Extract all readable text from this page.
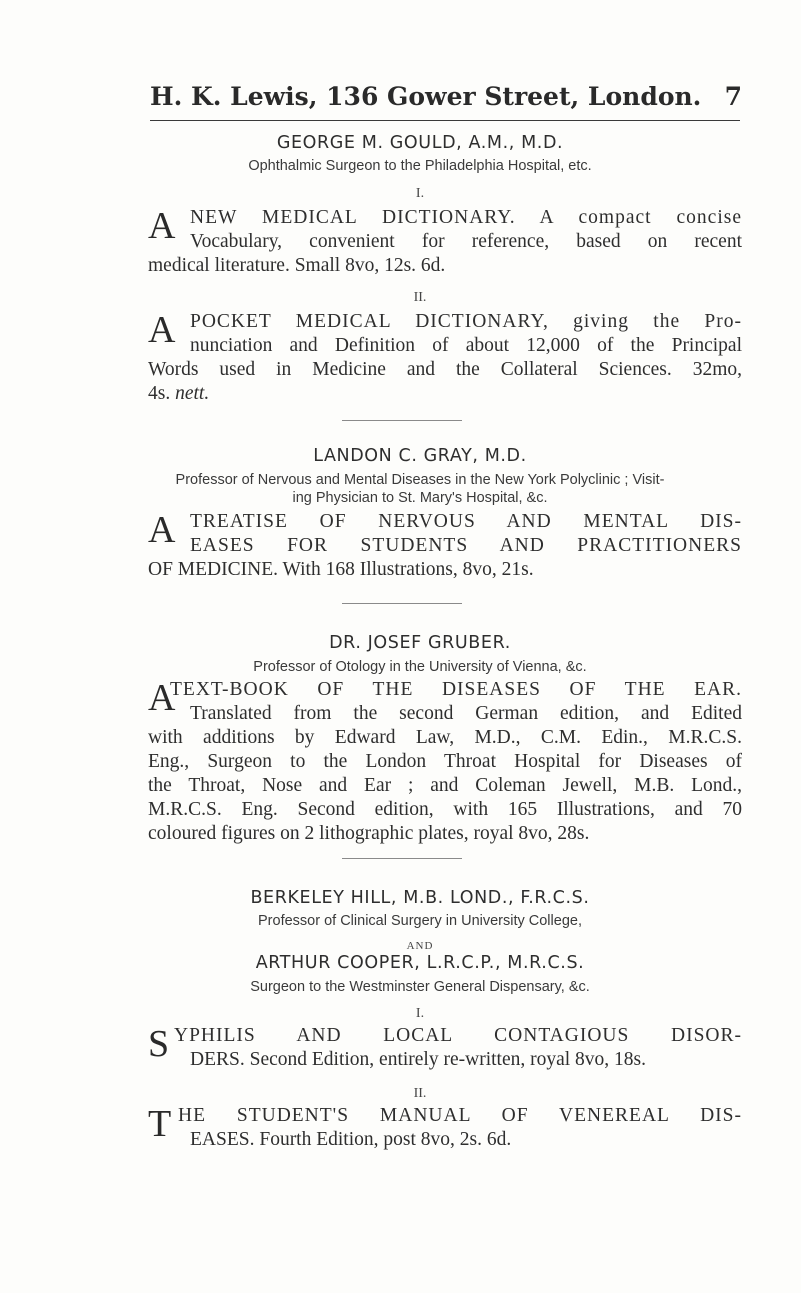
H. K. Lewis, 136 Gower Street, London. 7
GEORGE M. GOULD, A.M., M.D.
Ophthalmic Surgeon to the Philadelphia Hospital, etc.
I.
A NEW MEDICAL DICTIONARY. A compact concise
Vocabulary, convenient for reference, based on recent
medical literature. Small 8vo, 12s. 6d.
II.
A POCKET MEDICAL DICTIONARY, giving the Pro-
nunciation and Definition of about 12,000 of the Principal
Words used in Medicine and the Collateral Sciences. 32mo,
4s. nett.
LANDON C. GRAY, M.D.
Professor of Nervous and Mental Diseases in the New York Polyclinic ; Visit-
ing Physician to St. Mary's Hospital, &c.
A TREATISE OF NERVOUS AND MENTAL DIS-
EASES FOR STUDENTS AND PRACTITIONERS
OF MEDICINE. With 168 Illustrations, 8vo, 21s.
DR. JOSEF GRUBER.
Professor of Otology in the University of Vienna, &c.
A
TEXT-BOOK OF THE DISEASES OF THE EAR.
Translated from the second German edition, and Edited
with additions by Edward Law, M.D., C.M. Edin., M.R.C.S.
Eng., Surgeon to the London Throat Hospital for Diseases of
the Throat, Nose and Ear ; and Coleman Jewell, M.B. Lond.,
M.R.C.S. Eng. Second edition, with 165 Illustrations, and 70
coloured figures on 2 lithographic plates, royal 8vo, 28s.
BERKELEY HILL, M.B. LOND., F.R.C.S.
Professor of Clinical Surgery in University College,
AND
ARTHUR COOPER, L.R.C.P., M.R.C.S.
Surgeon to the Westminster General Dispensary, &c.
I.
S YPHILIS AND LOCAL CONTAGIOUS DISOR-
DERS. Second Edition, entirely re-written, royal 8vo, 18s.
II.
T HE STUDENT'S MANUAL OF VENEREAL DIS-
EASES. Fourth Edition, post 8vo, 2s. 6d.
